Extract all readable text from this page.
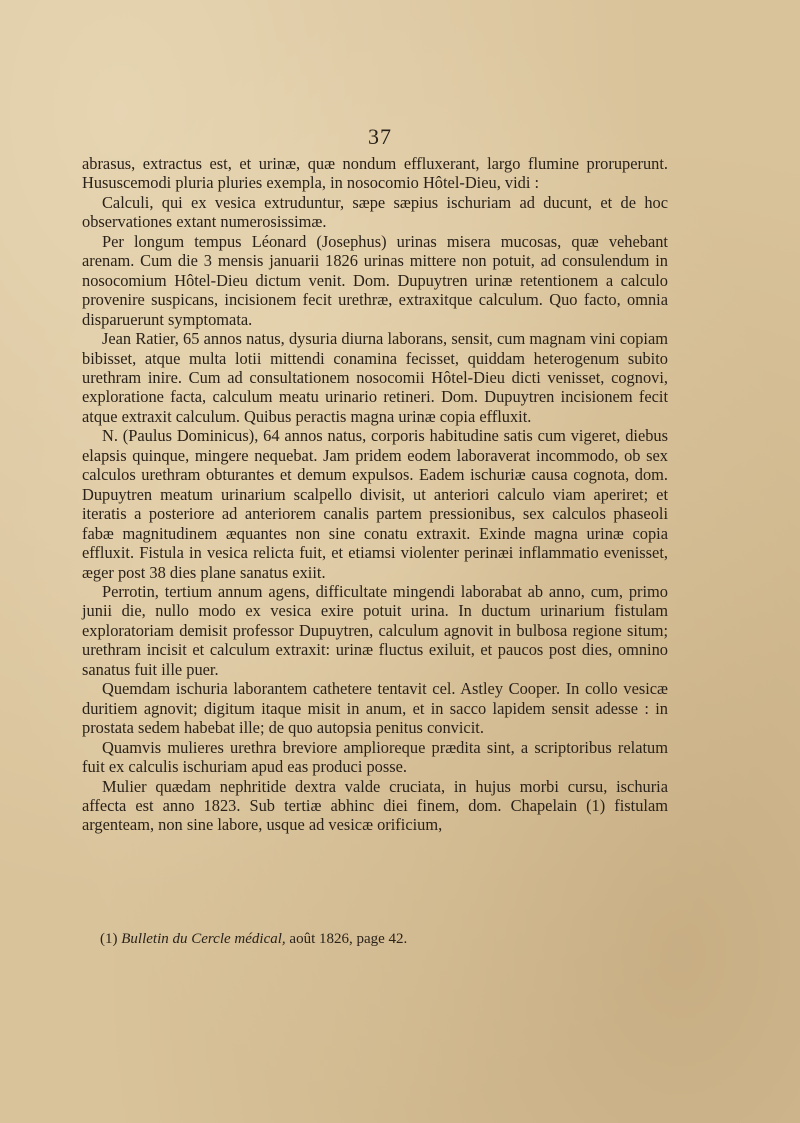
37

abrasus, extractus est, et urinæ, quæ nondum effluxerant, largo flumine proruperunt. Hususcemodi pluria pluries exempla, in nosocomio Hôtel-Dieu, vidi :

Calculi, qui ex vesica extruduntur, sæpe sæpius ischuriam ad ducunt, et de hoc observationes extant numerosissimæ.

Per longum tempus Léonard (Josephus) urinas misera mucosas, quæ vehebant arenam. Cum die 3 mensis januarii 1826 urinas mittere non potuit, ad consulendum in nosocomium Hôtel-Dieu dictum venit. Dom. Dupuytren urinæ retentionem a calculo provenire suspicans, incisionem fecit urethræ, extraxitque calculum. Quo facto, omnia disparuerunt symptomata.

Jean Ratier, 65 annos natus, dysuria diurna laborans, sensit, cum magnam vini copiam bibisset, atque multa lotii mittendi conamina fecisset, quiddam heterogenum subito urethram inire. Cum ad consultationem nosocomii Hôtel-Dieu dicti venisset, cognovi, exploratione facta, calculum meatu urinario retineri. Dom. Dupuytren incisionem fecit atque extraxit calculum. Quibus peractis magna urinæ copia effluxit.

N. (Paulus Dominicus), 64 annos natus, corporis habitudine satis cum vigeret, diebus elapsis quinque, mingere nequebat. Jam pridem eodem laboraverat incommodo, ob sex calculos urethram obturantes et demum expulsos. Eadem ischuriæ causa cognota, dom. Dupuytren meatum urinarium scalpello divisit, ut anteriori calculo viam aperiret; et iteratis a posteriore ad anteriorem canalis partem pressionibus, sex calculos phaseoli fabæ magnitudinem æquantes non sine conatu extraxit. Exinde magna urinæ copia effluxit. Fistula in vesica relicta fuit, et etiamsi violenter perinæi inflammatio evenisset, æger post 38 dies plane sanatus exiit.

Perrotin, tertium annum agens, difficultate mingendi laborabat ab anno, cum, primo junii die, nullo modo ex vesica exire potuit urina. In ductum urinarium fistulam exploratoriam demisit professor Dupuytren, calculum agnovit in bulbosa regione situm; urethram incisit et calculum extraxit: urinæ fluctus exiluit, et paucos post dies, omnino sanatus fuit ille puer.

Quemdam ischuria laborantem cathetere tentavit cel. Astley Cooper. In collo vesicæ duritiem agnovit; digitum itaque misit in anum, et in sacco lapidem sensit adesse : in prostata sedem habebat ille; de quo autopsia penitus convicit.

Quamvis mulieres urethra breviore amplioreque prædita sint, a scriptoribus relatum fuit ex calculis ischuriam apud eas produci posse.

Mulier quædam nephritide dextra valde cruciata, in hujus morbi cursu, ischuria affecta est anno 1823. Sub tertiæ abhinc diei finem, dom. Chapelain (1) fistulam argenteam, non sine labore, usque ad vesicæ orificium,

(1) Bulletin du Cercle médical, août 1826, page 42.
